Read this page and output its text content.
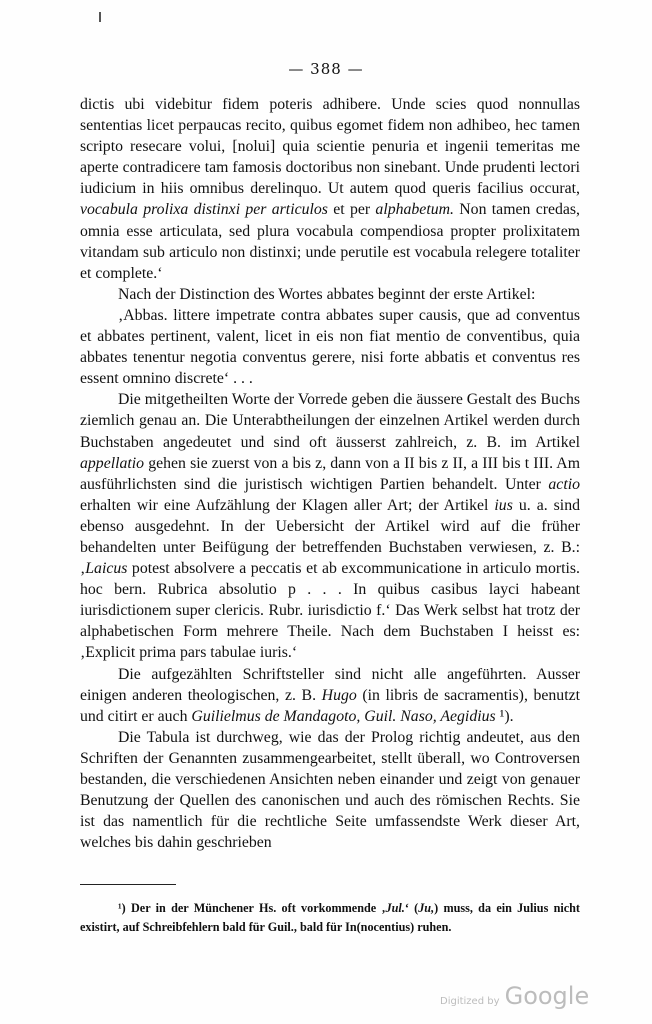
— 388 —

dictis ubi videbitur fidem poteris adhibere. Unde scies quod nonnullas sententias licet perpaucas recito, quibus egomet fidem non adhibeo, hec tamen scripto resecare volui, [nolui] quia scientie penuria et ingenii temeritas me aperte contradicere tam famosis doctoribus non sinebant. Unde prudenti lectori iudicium in hiis omnibus derelinquo. Ut autem quod queris facilius occurat, vocabula prolixa distinxi per articulos et per alphabetum. Non tamen credas, omnia esse articulata, sed plura vocabula compendiosa propter prolixitatem vitandam sub articulo non distinxi; unde perutile est vocabula relegere totaliter et complete.‘

Nach der Distinction des Wortes abbates beginnt der erste Artikel:

‚Abbas. littere impetrate contra abbates super causis, que ad conventus et abbates pertinent, valent, licet in eis non fiat mentio de conventibus, quia abbates tenentur negotia conventus gerere, nisi forte abbatis et conventus res essent omnino discrete‘ . . .

Die mitgetheilten Worte der Vorrede geben die äussere Gestalt des Buchs ziemlich genau an. Die Unterabtheilungen der einzelnen Artikel werden durch Buchstaben angedeutet und sind oft äusserst zahlreich, z. B. im Artikel appellatio gehen sie zuerst von a bis z, dann von a II bis z II, a III bis t III. Am ausführlichsten sind die juristisch wichtigen Partien behandelt. Unter actio erhalten wir eine Aufzählung der Klagen aller Art; der Artikel ius u. a. sind ebenso ausgedehnt. In der Uebersicht der Artikel wird auf die früher behandelten unter Beifügung der betreffenden Buchstaben verwiesen, z. B.: ‚Laicus potest absolvere a peccatis et ab excommunicatione in articulo mortis. hoc bern. Rubrica absolutio p . . . In quibus casibus layci habeant iurisdictionem super clericis. Rubr. iurisdictio f.‘ Das Werk selbst hat trotz der alphabetischen Form mehrere Theile. Nach dem Buchstaben I heisst es: ‚Explicit prima pars tabulae iuris.‘

Die aufgezählten Schriftsteller sind nicht alle angeführten. Ausser einigen anderen theologischen, z. B. Hugo (in libris de sacramentis), benutzt und citirt er auch Guilielmus de Mandagoto, Guil. Naso, Aegidius ¹).

Die Tabula ist durchweg, wie das der Prolog richtig andeutet, aus den Schriften der Genannten zusammengearbeitet, stellt überall, wo Controversen bestanden, die verschiedenen Ansichten neben einander und zeigt von genauer Benutzung der Quellen des canonischen und auch des römischen Rechts. Sie ist das namentlich für die rechtliche Seite umfassendste Werk dieser Art, welches bis dahin geschrieben

¹) Der in der Münchener Hs. oft vorkommende ‚Jul.‘ (Ju,) muss, da ein Julius nicht existirt, auf Schreibfehlern bald für Guil., bald für In(nocentius) ruhen.

Digitized by Google
